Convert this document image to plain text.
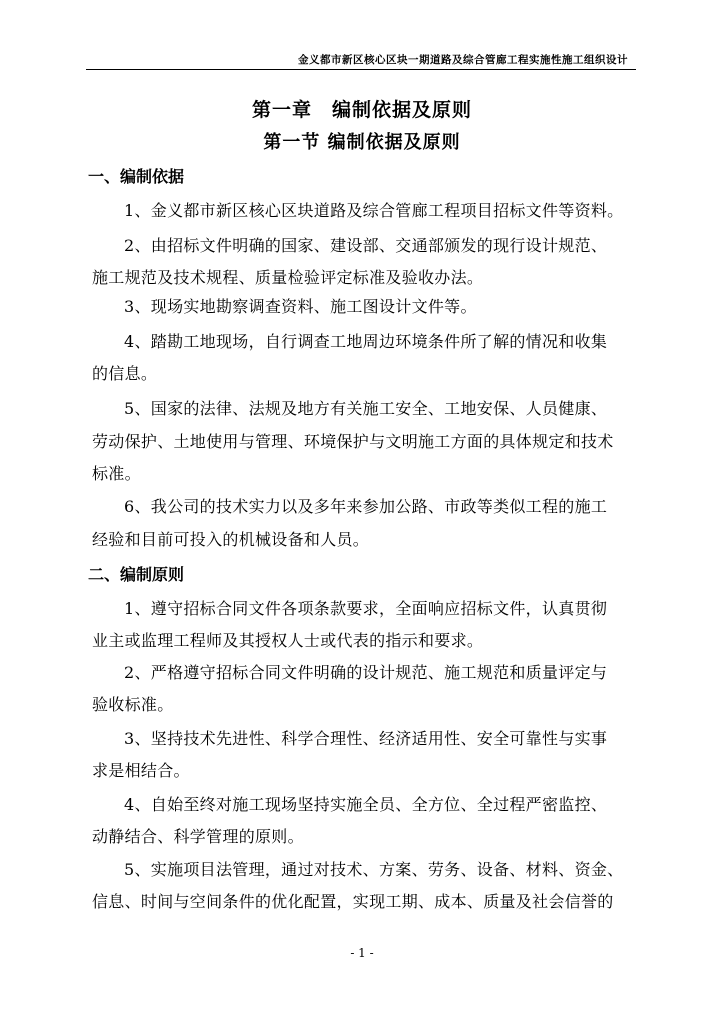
金义都市新区核心区块一期道路及综合管廊工程实施性施工组织设计
第一章　编制依据及原则
第一节 编制依据及原则
一、编制依据
1、金义都市新区核心区块道路及综合管廊工程项目招标文件等资料。
2、由招标文件明确的国家、建设部、交通部颁发的现行设计规范、
施工规范及技术规程、质量检验评定标准及验收办法。
3、现场实地勘察调查资料、施工图设计文件等。
4、踏勘工地现场，自行调查工地周边环境条件所了解的情况和收集
的信息。
5、国家的法律、法规及地方有关施工安全、工地安保、人员健康、
劳动保护、土地使用与管理、环境保护与文明施工方面的具体规定和技术
标准。
6、我公司的技术实力以及多年来参加公路、市政等类似工程的施工
经验和目前可投入的机械设备和人员。
二、编制原则
1、遵守招标合同文件各项条款要求，全面响应招标文件，认真贯彻
业主或监理工程师及其授权人士或代表的指示和要求。
2、严格遵守招标合同文件明确的设计规范、施工规范和质量评定与
验收标准。
3、坚持技术先进性、科学合理性、经济适用性、安全可靠性与实事
求是相结合。
4、自始至终对施工现场坚持实施全员、全方位、全过程严密监控、
动静结合、科学管理的原则。
5、实施项目法管理，通过对技术、方案、劳务、设备、材料、资金、
信息、时间与空间条件的优化配置，实现工期、成本、质量及社会信誉的
- 1 -
